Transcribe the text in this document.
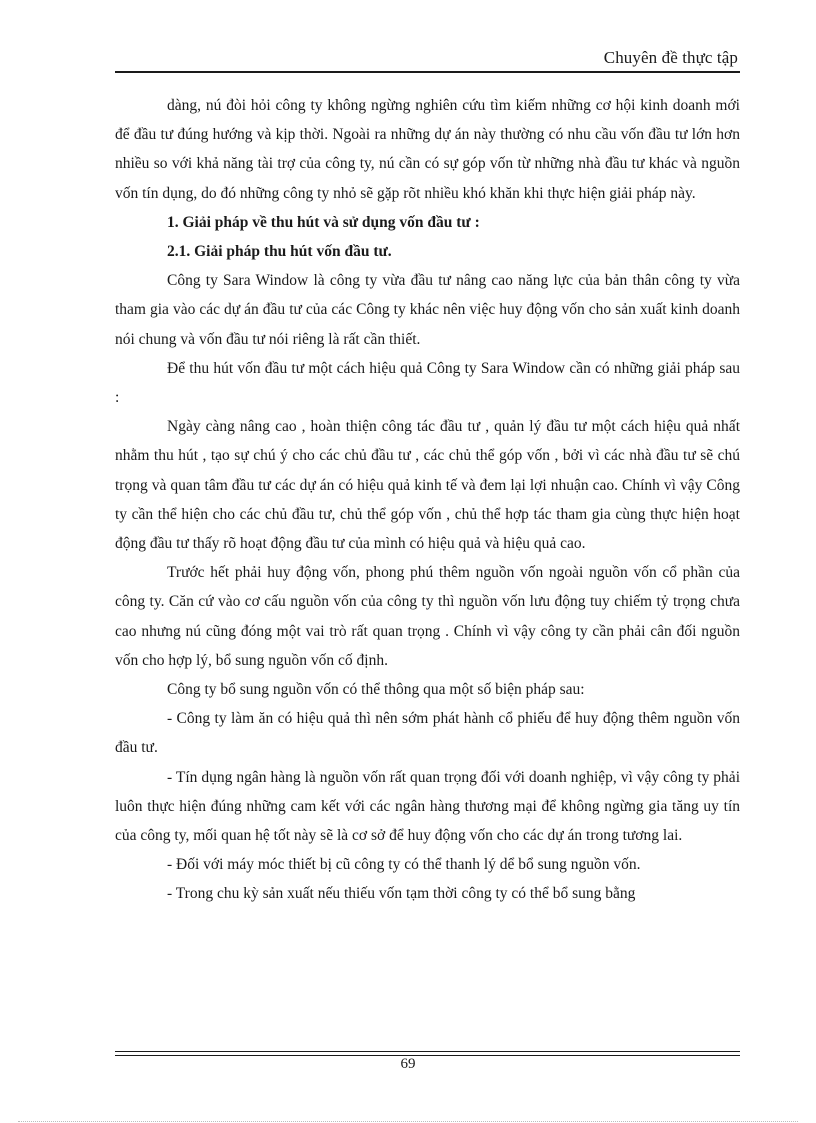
Chuyên đề thực tập

dàng, nú đòi hỏi công ty không ngừng nghiên cứu tìm kiếm những cơ hội kinh doanh mới để đầu tư đúng hướng và kịp thời. Ngoài ra những dự án này thường có nhu cầu vốn đầu tư lớn hơn nhiều so với khả năng tài trợ của công ty, nú cần có sự góp vốn từ những nhà đầu tư khác và nguồn vốn tín dụng, do đó những công ty nhỏ sẽ gặp rõt nhiều khó khăn khi thực hiện giải pháp này.

1. Giải pháp về thu hút và sử dụng vốn đầu tư :

2.1. Giải pháp thu hút vốn đầu tư.

Công ty Sara Window là công ty vừa đầu tư nâng cao năng lực của bản thân công ty vừa tham gia vào các dự án đầu tư của các Công ty khác nên việc huy động vốn cho sản xuất kinh doanh nói chung và vốn đầu tư nói riêng là rất cần thiết.

Để thu hút vốn đầu tư một cách hiệu quả Công ty Sara Window cần có những giải pháp sau :

Ngày càng nâng cao , hoàn thiện công tác đầu tư , quản lý đầu tư một cách hiệu quả nhất nhằm thu hút , tạo sự chú ý cho các chủ đầu tư , các chủ thể góp vốn , bởi vì các nhà đầu tư sẽ chú trọng và quan tâm đầu tư các dự án có hiệu quả kinh tế và đem lại lợi nhuận cao. Chính vì vậy Công ty cần thể hiện cho các chủ đầu tư, chủ thể góp vốn , chủ thể hợp tác tham gia cùng thực hiện hoạt động đầu tư thấy rõ hoạt động đầu tư của mình có hiệu quả và hiệu quả cao.

Trước hết phải huy động vốn, phong phú thêm nguồn vốn ngoài nguồn vốn cổ phần của công ty. Căn cứ vào cơ cấu nguồn vốn của công ty thì nguồn vốn lưu động tuy chiếm tỷ trọng chưa cao nhưng nú cũng đóng một vai trò rất quan trọng . Chính vì vậy công ty cần phải cân đối nguồn vốn cho hợp lý, bổ sung nguồn vốn cố định.

Công ty bổ sung nguồn vốn có thể thông qua một số biện pháp sau:

- Công ty làm ăn có hiệu quả thì nên sớm phát hành cổ phiếu để huy động thêm nguồn vốn đầu tư.

- Tín dụng ngân hàng là nguồn vốn rất quan trọng đối với doanh nghiệp, vì vậy công ty phải luôn thực hiện đúng những cam kết với các ngân hàng thương mại để không ngừng gia tăng uy tín của công ty, mối quan hệ tốt này sẽ là cơ sở để huy động vốn cho các dự án trong tương lai.

- Đối với máy móc thiết bị cũ công ty có thể thanh lý dể bổ sung nguồn vốn.

- Trong chu kỳ sản xuất nếu thiếu vốn tạm thời công ty có thể bổ sung bằng

69
